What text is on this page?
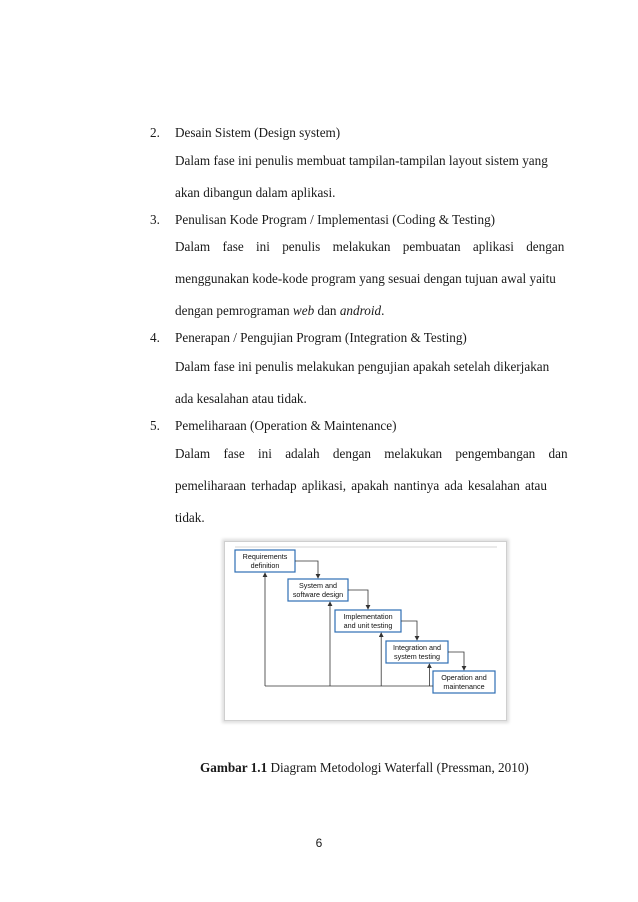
2. Desain Sistem (Design system)
Dalam fase ini penulis membuat tampilan-tampilan layout sistem yang
akan dibangun dalam aplikasi.
3. Penulisan Kode Program / Implementasi (Coding & Testing)
Dalam fase ini penulis melakukan pembuatan aplikasi dengan
menggunakan kode-kode program yang sesuai dengan tujuan awal yaitu
dengan pemrograman web dan android.
4. Penerapan / Pengujian Program (Integration & Testing)
Dalam fase ini penulis melakukan pengujian apakah setelah dikerjakan
ada kesalahan atau tidak.
5. Pemeliharaan (Operation & Maintenance)
Dalam fase ini adalah dengan melakukan pengembangan dan
pemeliharaan terhadap aplikasi, apakah nantinya ada kesalahan atau
tidak.
Requirements
definition
System and
software design
Implementation
and unit testing
Integration and
system testing
Operation and
maintenance
Gambar 1.1 Diagram Metodologi Waterfall (Pressman, 2010)
6
